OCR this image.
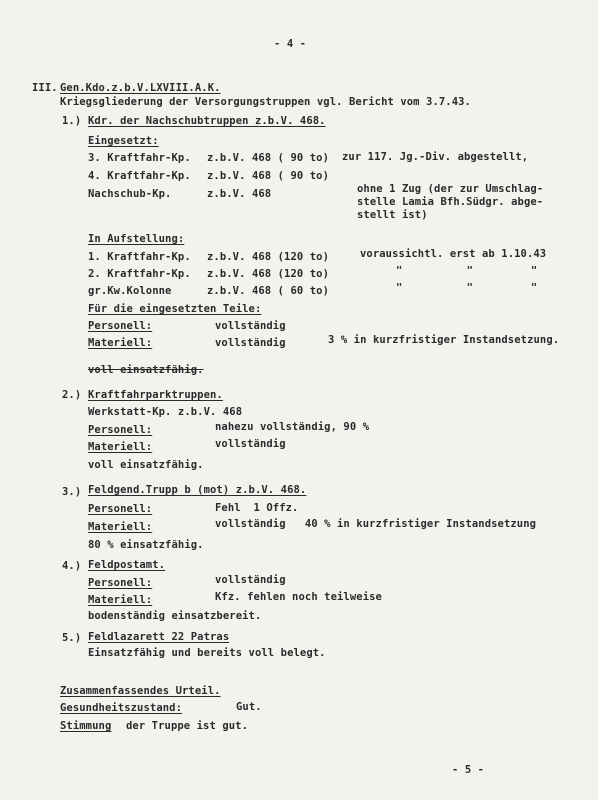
- 4 -
III. Gen.Kdo.z.b.V.LXVIII.A.K.
Kriegsgliederung der Versorgungstruppen vgl. Bericht vom 3.7.43.
1.) Kdr. der Nachschubtruppen z.b.V. 468.
Eingesetzt:
3. Kraftfahr-Kp. z.b.V. 468 ( 90 to) zur 117. Jg.-Div. abgestellt,
4. Kraftfahr-Kp. z.b.V. 468 ( 90 to)
Nachschub-Kp.	z.b.V. 468	ohne 1 Zug (der zur Umschlag-
stelle Lamia Bfh.Südgr. abge-
stellt ist)
In Aufstellung:
1. Kraftfahr-Kp. z.b.V. 468 (120 to)	voraussichtl. erst ab 1.10.43
2. Kraftfahr-Kp. z.b.V. 468 (120 to)	"          "         "
gr.Kw.Kolonne	z.b.V. 468 ( 60 to)	"          "         "
Für die eingesetzten Teile:
Personell:	vollständig
Materiell:	vollständig	3 % in kurzfristiger Instandsetzung.
voll einsatzfähig.
2.) Kraftfahrparktruppen.
Werkstatt-Kp. z.b.V. 468
Personell:	nahezu vollständig, 90 %
Materiell:	vollständig
voll einsatzfähig.
3.) Feldgend.Trupp b (mot) z.b.V. 468.
Personell:	Fehl  1 Offz.
Materiell:	vollständig   40 % in kurzfristiger Instandsetzung
80 % einsatzfähig.
4.) Feldpostamt.
Personell:	vollständig
Materiell:	Kfz. fehlen noch teilweise
bodenständig einsatzbereit.
5.) Feldlazarett 22 Patras
Einsatzfähig und bereits voll belegt.
Zusammenfassendes Urteil.
Gesundheitszustand:	Gut.
Stimmung der Truppe ist gut.
- 5 -
